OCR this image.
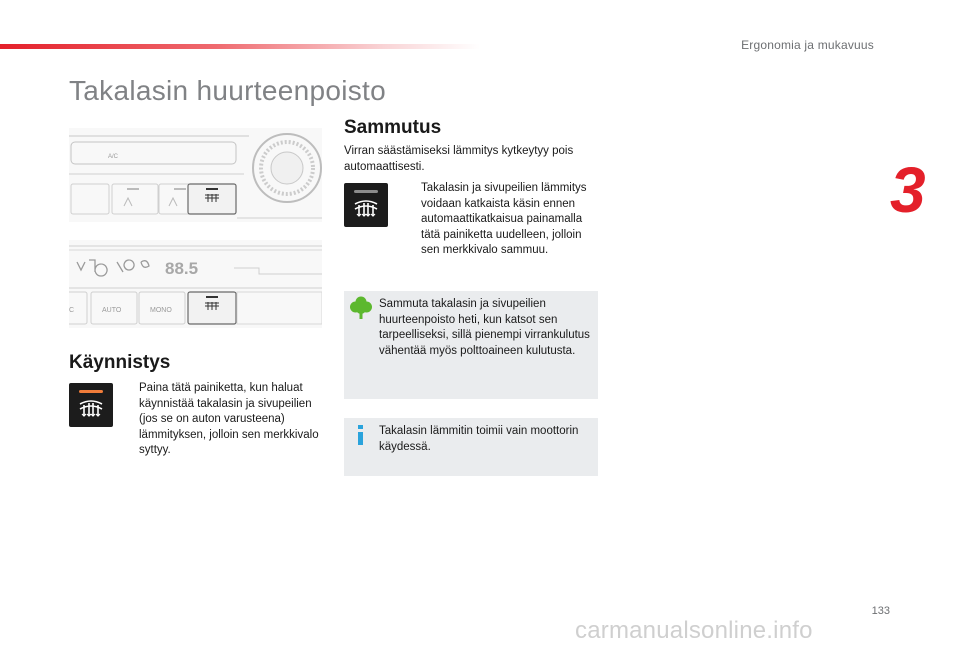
Ergonomia ja mukavuus
3
Takalasin huurteenpoisto
A/C
88.5
C	AUTO	MONO
Käynnistys
Paina tätä painiketta, kun haluat käynnistää takalasin ja sivupeilien (jos se on auton varusteena) lämmityksen, jolloin sen merkkivalo syttyy.
Sammutus
Virran säästämiseksi lämmitys kytkeytyy pois automaattisesti.
Takalasin ja sivupeilien lämmitys voidaan katkaista käsin ennen automaattikatkaisua painamalla tätä painiketta uudelleen, jolloin sen merkkivalo sammuu.
Sammuta takalasin ja sivupeilien huurteenpoisto heti, kun katsot sen tarpeelliseksi, sillä pienempi virrankulutus vähentää myös polttoaineen kulutusta.
Takalasin lämmitin toimii vain moottorin käydessä.
133
carmanualsonline.info
